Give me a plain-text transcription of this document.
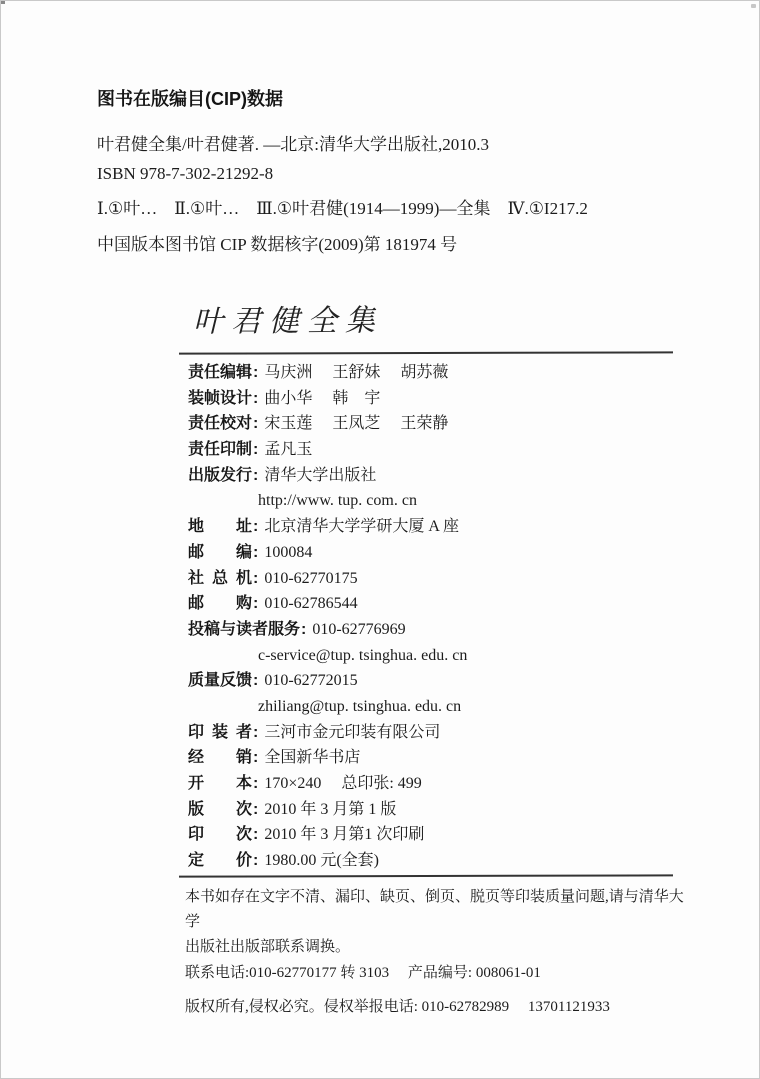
图书在版编目(CIP)数据

叶君健全集/叶君健著. —北京:清华大学出版社,2010.3

ISBN 978-7-302-21292-8

Ⅰ.①叶…　Ⅱ.①叶…　Ⅲ.①叶君健(1914—1999)—全集　Ⅳ.①I217.2

中国版本图书馆 CIP 数据核字(2009)第 181974 号

叶君健全集
责任编辑: 马庆洲　 王舒妹　 胡苏薇
装帧设计: 曲小华　 韩　宇
责任校对: 宋玉莲　 王凤芝　 王荣静
责任印制: 孟凡玉
出版发行: 清华大学出版社
http://www. tup. com. cn
地址: 北京清华大学学研大厦 A 座
邮编: 100084
社总机: 010-62770175
邮购: 010-62786544
投稿与读者服务: 010-62776969
c-service@tup. tsinghua. edu. cn
质量反馈: 010-62772015
zhiliang@tup. tsinghua. edu. cn
印装者: 三河市金元印装有限公司
经销: 全国新华书店
开本: 170×240　 总印张: 499
版次: 2010 年 3 月第 1 版
印次: 2010 年 3 月第1 次印刷
定价: 1980.00 元(全套)

本书如存在文字不清、漏印、缺页、倒页、脱页等印装质量问题,请与清华大学

出版社出版部联系调换。

联系电话:010-62770177 转 3103　 产品编号: 008061-01

版权所有,侵权必究。侵权举报电话: 010-62782989　 13701121933
